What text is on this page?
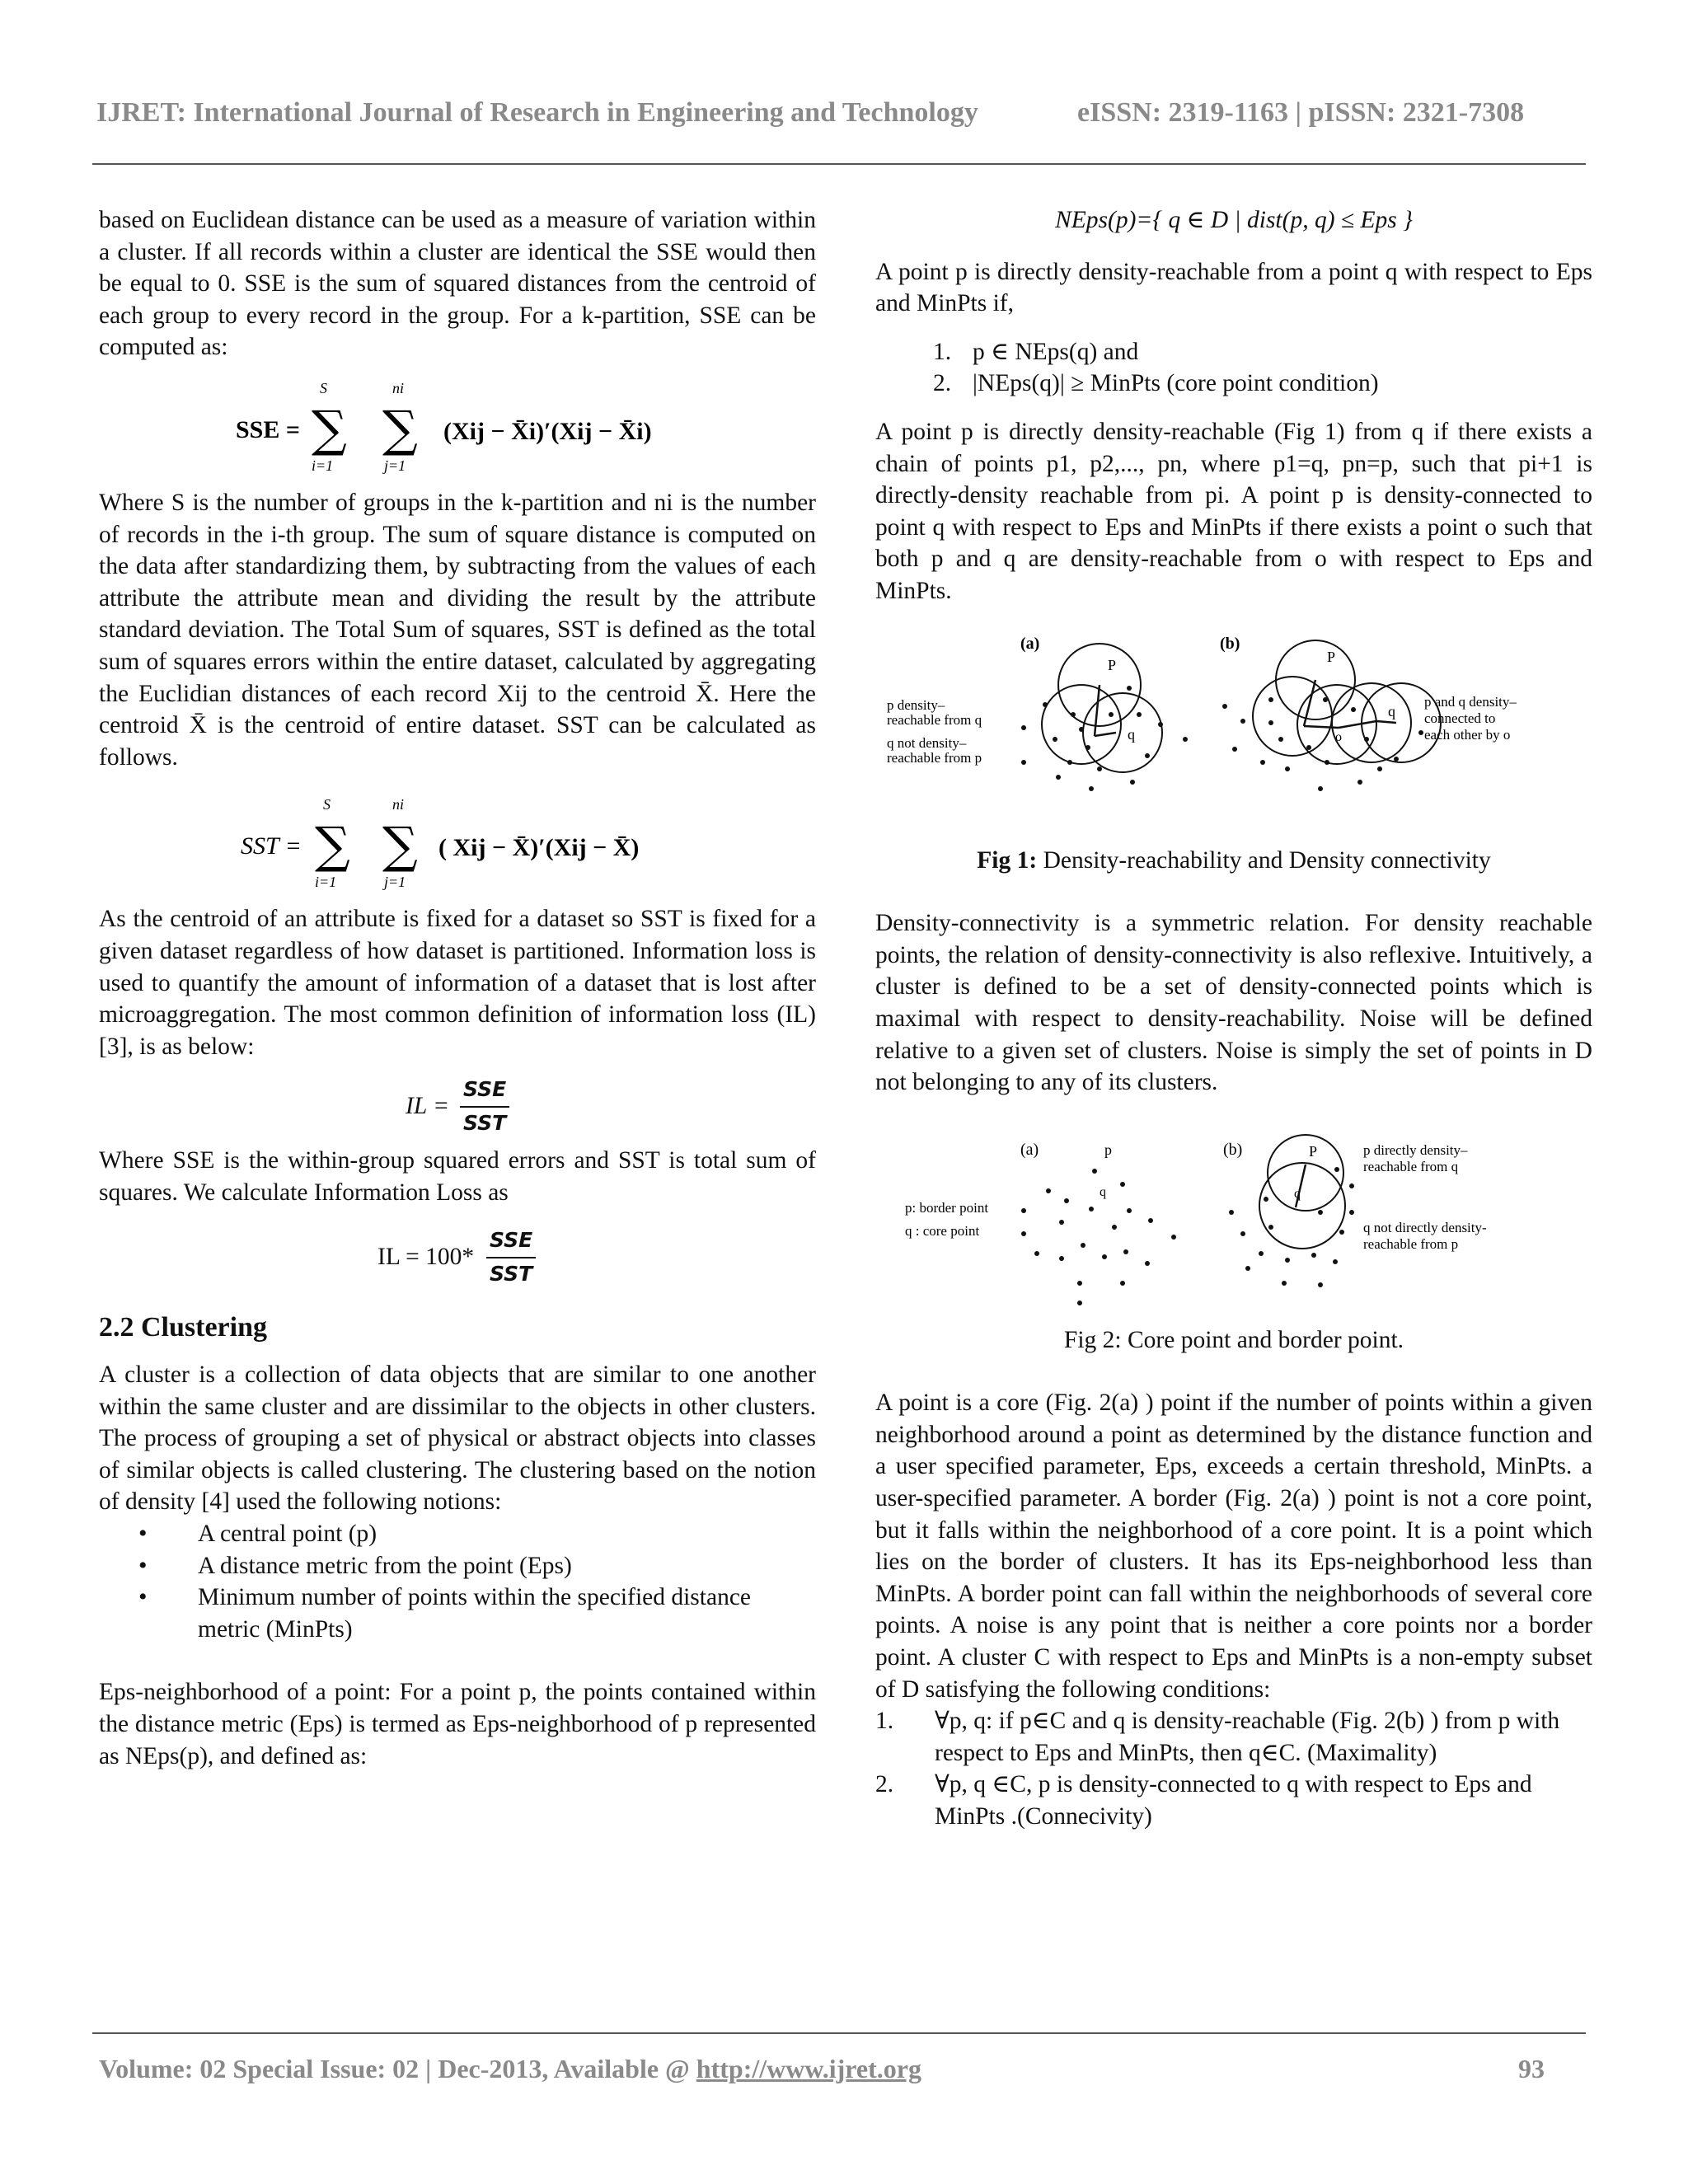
IJRET: International Journal of Research in Engineering and Technology	eISSN: 2319-1163 | pISSN: 2321-7308

based on Euclidean distance can be used as a measure of variation within a cluster. If all records within a cluster are identical the SSE would then be equal to 0. SSE is the sum of squared distances from the centroid of each group to every record in the group. For a k-partition, SSE can be computed as:

SSE =
S
∑
i=1
ni
∑
j=1
(Xij − X̄i)′(Xij − X̄i)

Where S is the number of groups in the k-partition and ni is the number of records in the i-th group. The sum of square distance is computed on the data after standardizing them, by subtracting from the values of each attribute the attribute mean and dividing the result by the attribute standard deviation. The Total Sum of squares, SST is defined as the total sum of squares errors within the entire dataset, calculated by aggregating the Euclidian distances of each record Xij to the centroid X̄. Here the centroid X̄ is the centroid of entire dataset. SST can be calculated as follows.

SST =
S
∑
i=1
ni
∑
j=1
( Xij − X̄)′(Xij − X̄)

As the centroid of an attribute is fixed for a dataset so SST is fixed for a given dataset regardless of how dataset is partitioned. Information loss is used to quantify the amount of information of a dataset that is lost after microaggregation. The most common definition of information loss (IL) [3], is as below:

IL =
SSE
SST

Where SSE is the within-group squared errors and SST is total sum of squares. We calculate Information Loss as

IL = 100*
SSE
SST
2.2 Clustering

A cluster is a collection of data objects that are similar to one another within the same cluster and are dissimilar to the objects in other clusters. The process of grouping a set of physical or abstract objects into classes of similar objects is called clustering. The clustering based on the notion of density [4] used the following notions:

• A central point (p)
• A distance metric from the point (Eps)
• Minimum number of points within the specified distance metric (MinPts)

Eps-neighborhood of a point: For a point p, the points contained within the distance metric (Eps) is termed as Eps-neighborhood of p represented as NEps(p), and defined as:

NEps(p)={ q ∈ D | dist(p, q) ≤ Eps }

A point p is directly density-reachable from a point q with respect to Eps and MinPts if,

1. p ∈ NEps(q) and
2. |NEps(q)| ≥ MinPts (core point condition)

A point p is directly density-reachable (Fig 1) from q if there exists a chain of points p1, p2,..., pn, where p1=q, pn=p, such that pi+1 is directly-density reachable from pi. A point p is density-connected to point q with respect to Eps and MinPts if there exists a point o such that both p and q are density-reachable from o with respect to Eps and MinPts.

(a)
P
q
p density–
reachable from q
q not density–
reachable from p
(b)
P
o
q
p and q density–
connected to
each other by o

Fig 1: Density-reachability and Density connectivity

Density-connectivity is a symmetric relation. For density reachable points, the relation of density-connectivity is also reflexive. Intuitively, a cluster is defined to be a set of density-connected points which is maximal with respect to density-reachability. Noise will be defined relative to a given set of clusters. Noise is simply the set of points in D not belonging to any of its clusters.

(a)	p
q
p: border point
q : core point
(b)	P
q
p directly density–
reachable from q
q not directly density-
reachable from p

Fig 2: Core point and border point.

A point is a core (Fig. 2(a) ) point if the number of points within a given neighborhood around a point as determined by the distance function and a user specified parameter, Eps, exceeds a certain threshold, MinPts. a user-specified parameter. A border (Fig. 2(a) ) point is not a core point, but it falls within the neighborhood of a core point. It is a point which lies on the border of clusters. It has its Eps-neighborhood less than MinPts. A border point can fall within the neighborhoods of several core points. A noise is any point that is neither a core points nor a border point. A cluster C with respect to Eps and MinPts is a non-empty subset of D satisfying the following conditions:

1. ∀p, q: if p∈C and q is density-reachable (Fig. 2(b) ) from p with respect to Eps and MinPts, then q∈C. (Maximality)
2. ∀p, q ∈C, p is density-connected to q with respect to Eps and MinPts .(Connecivity)
Volume: 02 Special Issue: 02 | Dec-2013, Available @ http://www.ijret.org	93
